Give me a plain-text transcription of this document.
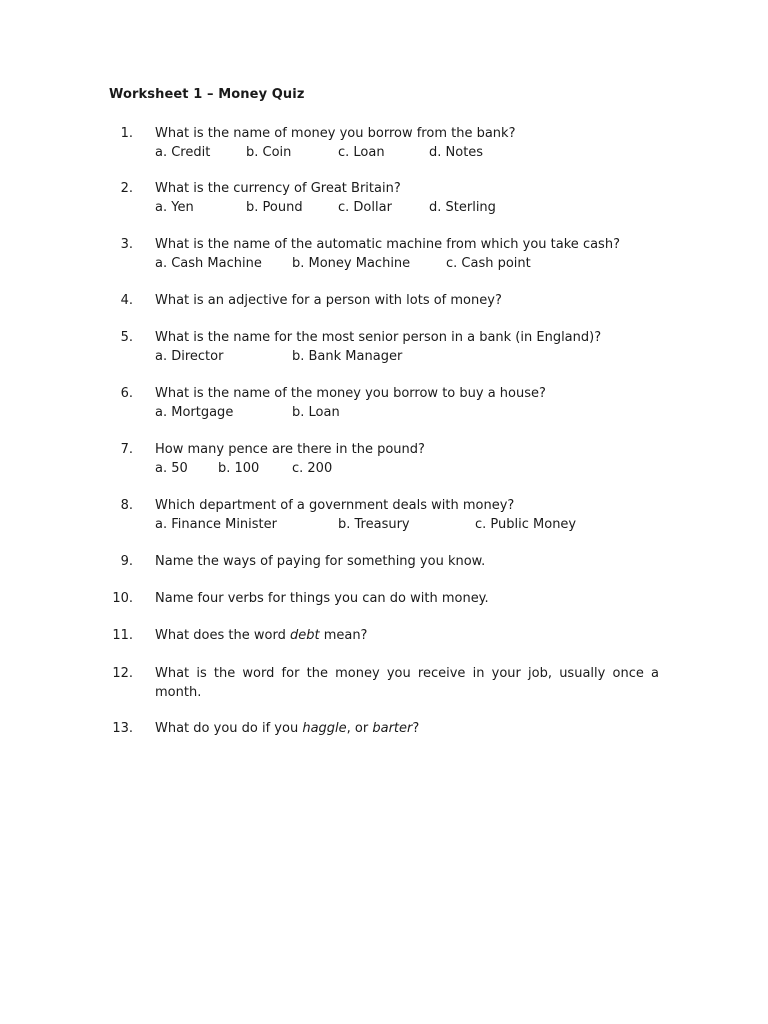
Worksheet 1 – Money Quiz
1. What is the name of money you borrow from the bank?
a. Credit	b. Coin	c. Loan	d. Notes
2. What is the currency of Great Britain?
a. Yen	b. Pound	c. Dollar	d. Sterling
3. What is the name of the automatic machine from which you take cash?
a. Cash Machine b. Money Machine	c. Cash point
4. What is an adjective for a person with lots of money?
5. What is the name for the most senior person in a bank (in England)?
a. Director	b. Bank Manager
6. What is the name of the money you borrow to buy a house?
a. Mortgage	b. Loan
7. How many pence are there in the pound?
a. 50 b. 100	c. 200
8. Which department of a government deals with money?
a. Finance Minister	b. Treasury	c. Public Money
9. Name the ways of paying for something you know.
10. Name four verbs for things you can do with money.
11. What does the word debt mean?
12. What is the word for the money you receive in your job, usually once a month.
13. What do you do if you haggle, or barter?
